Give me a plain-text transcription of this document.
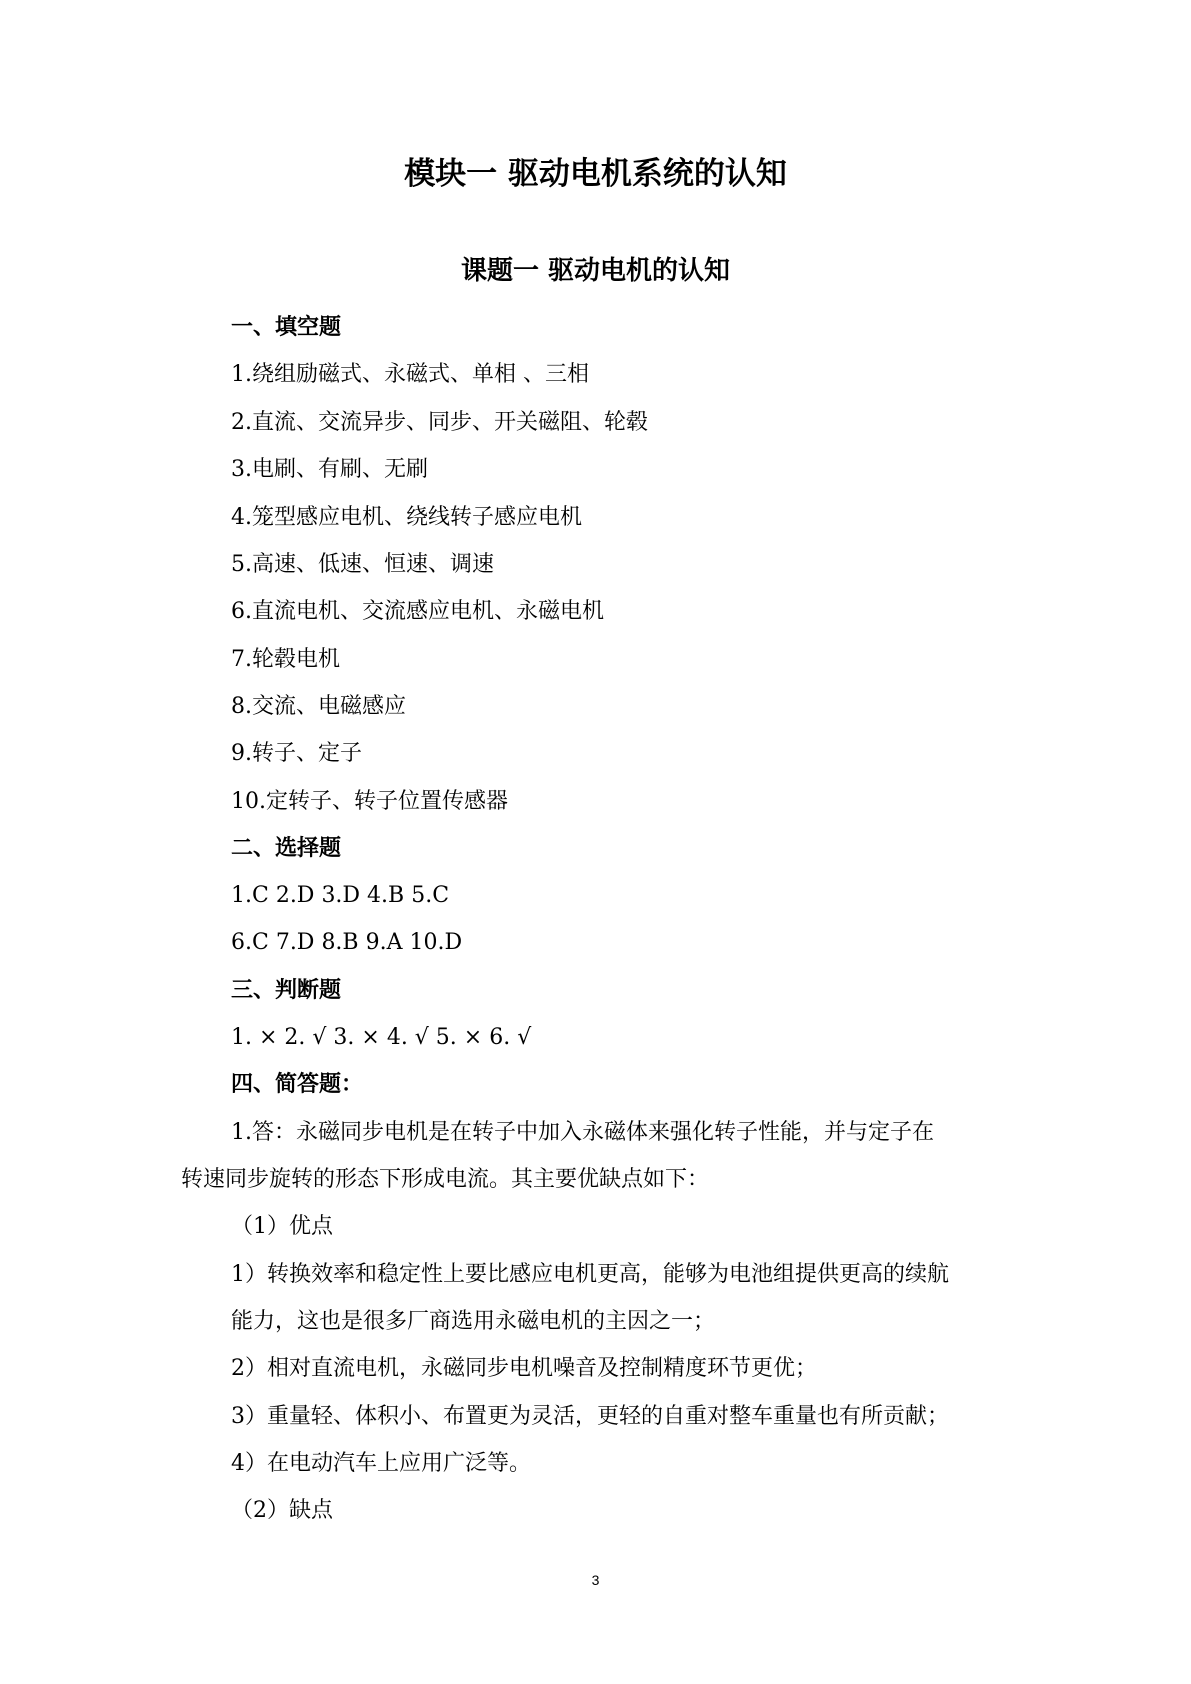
模块一 驱动电机系统的认知
课题一 驱动电机的认知
一、填空题
1.绕组励磁式、永磁式、单相 、三相
2.直流、交流异步、同步、开关磁阻、轮毂
3.电刷、有刷、无刷
4.笼型感应电机、绕线转子感应电机
5.高速、低速、恒速、调速
6.直流电机、交流感应电机、永磁电机
7.轮毂电机
8.交流、电磁感应
9.转子、定子
10.定转子、转子位置传感器
二、选择题
1.C 2.D 3.D 4.B 5.C
6.C 7.D 8.B 9.A 10.D
三、判断题
1. × 2. √ 3. × 4. √ 5. × 6. √
四、简答题：
1.答：永磁同步电机是在转子中加入永磁体来强化转子性能，并与定子在
转速同步旋转的形态下形成电流。其主要优缺点如下：
（1）优点
1）转换效率和稳定性上要比感应电机更高，能够为电池组提供更高的续航
能力，这也是很多厂商选用永磁电机的主因之一；
2）相对直流电机，永磁同步电机噪音及控制精度环节更优；
3）重量轻、体积小、布置更为灵活，更轻的自重对整车重量也有所贡献；
4）在电动汽车上应用广泛等。
（2）缺点
3
